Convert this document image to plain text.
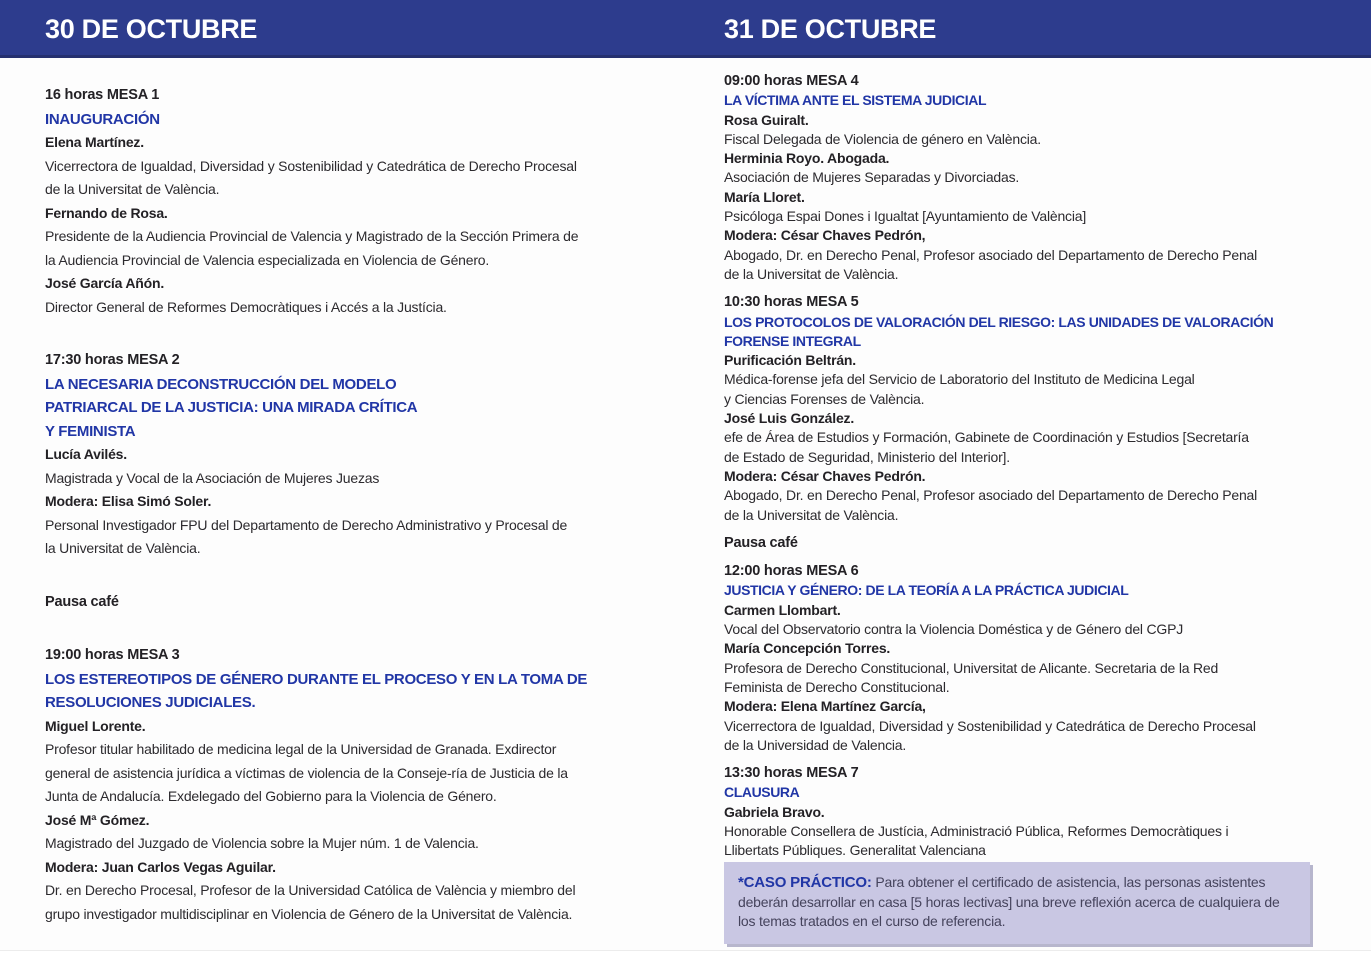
30 DE OCTUBRE	31 DE OCTUBRE
16 horas MESA 1
INAUGURACIÓN
Elena Martínez.
Vicerrectora de Igualdad, Diversidad y Sostenibilidad y Catedrática de Derecho Procesal
de la Universitat de València.
Fernando de Rosa.
Presidente de la Audiencia Provincial de Valencia y Magistrado de la Sección Primera de
la Audiencia Provincial de Valencia especializada en Violencia de Género.
José García Añón.
Director General de Reformes Democràtiques i Accés a la Justícia.
17:30 horas MESA 2
LA NECESARIA DECONSTRUCCIÓN DEL MODELO
PATRIARCAL DE LA JUSTICIA: UNA MIRADA CRÍTICA
Y FEMINISTA
Lucía Avilés.
Magistrada y Vocal de la Asociación de Mujeres Juezas
Modera: Elisa Simó Soler.
Personal Investigador FPU del Departamento de Derecho Administrativo y Procesal de
la Universitat de València.
Pausa café
19:00 horas MESA 3
LOS ESTEREOTIPOS DE GÉNERO DURANTE EL PROCESO Y EN LA TOMA DE
RESOLUCIONES JUDICIALES.
Miguel Lorente.
Profesor titular habilitado de medicina legal de la Universidad de Granada. Exdirector
general de asistencia jurídica a víctimas de violencia de la Conseje-ría de Justicia de la
Junta de Andalucía. Exdelegado del Gobierno para la Violencia de Género.
José Mª Gómez.
Magistrado del Juzgado de Violencia sobre la Mujer núm. 1 de Valencia.
Modera: Juan Carlos Vegas Aguilar.
Dr. en Derecho Procesal, Profesor de la Universidad Católica de València y miembro del
grupo investigador multidisciplinar en Violencia de Género de la Universitat de València.
09:00 horas MESA 4
LA VÍCTIMA ANTE EL SISTEMA JUDICIAL
Rosa Guiralt.
Fiscal Delegada de Violencia de género en València.
Herminia Royo. Abogada.
Asociación de Mujeres Separadas y Divorciadas.
María Lloret.
Psicóloga Espai Dones i Igualtat [Ayuntamiento de València]
Modera: César Chaves Pedrón,
Abogado, Dr. en Derecho Penal, Profesor asociado del Departamento de Derecho Penal
de la Universitat de València.
10:30 horas MESA 5
LOS PROTOCOLOS DE VALORACIÓN DEL RIESGO: LAS UNIDADES DE VALORACIÓN
FORENSE INTEGRAL
Purificación Beltrán.
Médica-forense jefa del Servicio de Laboratorio del Instituto de Medicina Legal
y Ciencias Forenses de València.
José Luis González.
efe de Área de Estudios y Formación, Gabinete de Coordinación y Estudios [Secretaría
de Estado de Seguridad, Ministerio del Interior].
Modera: César Chaves Pedrón.
Abogado, Dr. en Derecho Penal, Profesor asociado del Departamento de Derecho Penal
de la Universitat de València.
Pausa café
12:00 horas MESA 6
JUSTICIA Y GÉNERO: DE LA TEORÍA A LA PRÁCTICA JUDICIAL
Carmen Llombart.
Vocal del Observatorio contra la Violencia Doméstica y de Género del CGPJ
María Concepción Torres.
Profesora de Derecho Constitucional, Universitat de Alicante. Secretaria de la Red
Feminista de Derecho Constitucional.
Modera: Elena Martínez García,
Vicerrectora de Igualdad, Diversidad y Sostenibilidad y Catedrática de Derecho Procesal
de la Universidad de Valencia.
13:30 horas MESA 7
CLAUSURA
Gabriela Bravo.
Honorable Consellera de Justícia, Administració Pública, Reformes Democràtiques i
Llibertats Públiques. Generalitat Valenciana
*CASO PRÁCTICO: Para obtener el certificado de asistencia, las personas asistentes deberán desarrollar en casa [5 horas lectivas] una breve reflexión acerca de cualquiera de los temas tratados en el curso de referencia.
